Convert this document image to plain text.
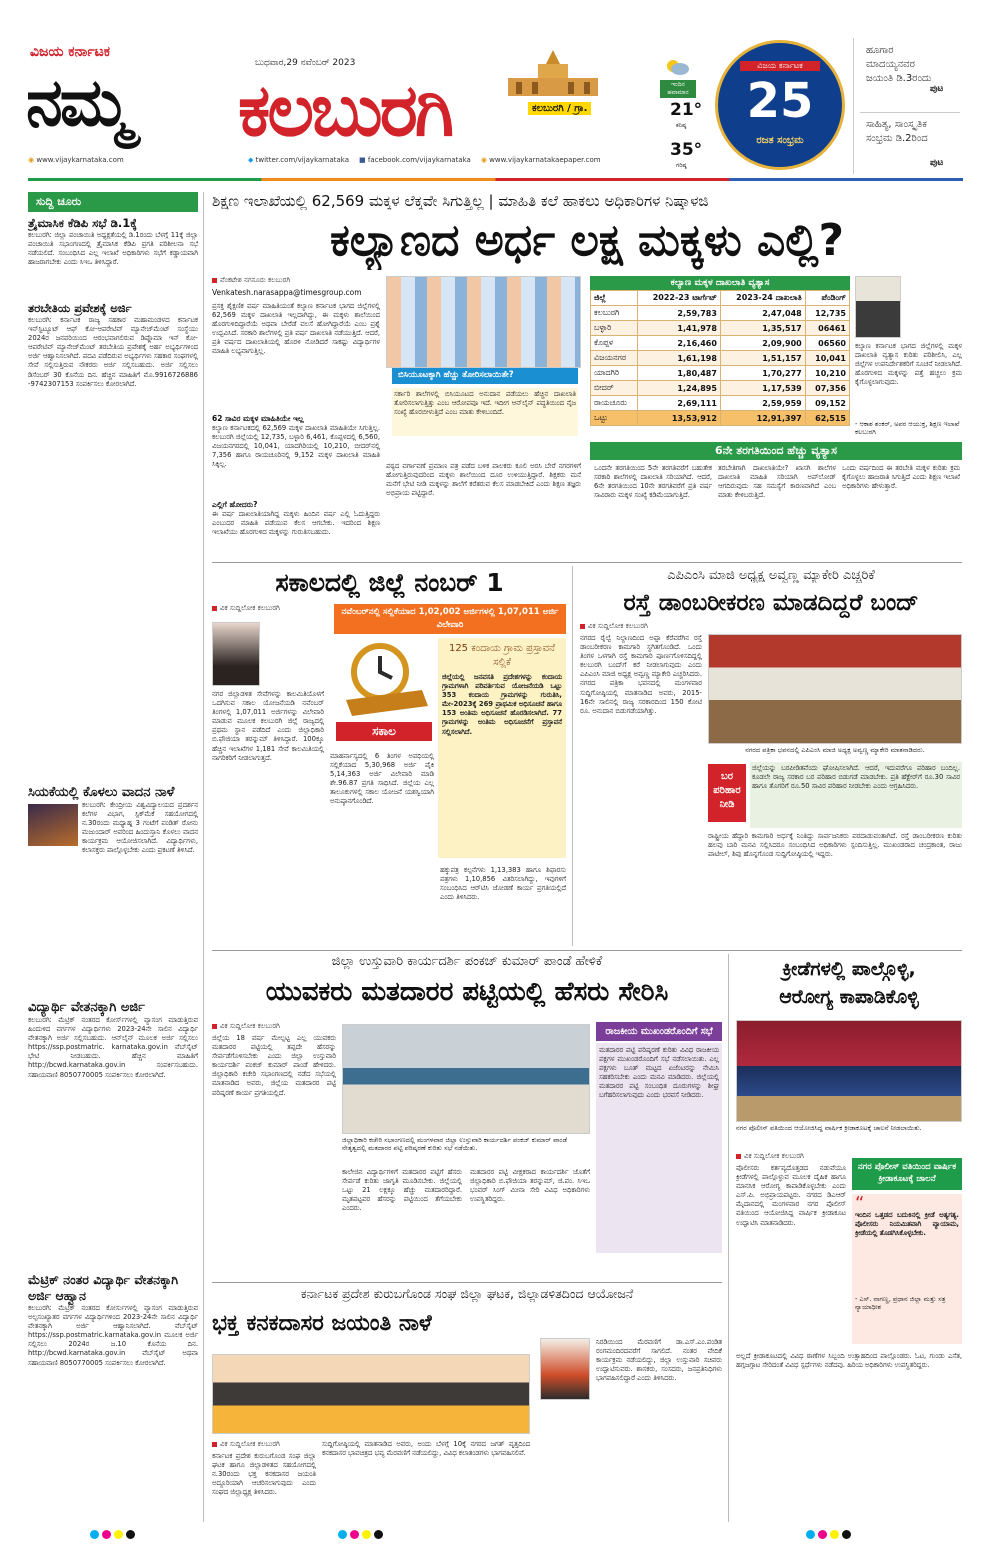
ವಿಜಯ ಕರ್ನಾಟಕ
ನಮ್ಮ
ಬುಧವಾರ,29 ನವೆಂಬರ್ 2023
ಕಲಬುರಗಿ	ಕಲಬುರಗಿ / ಗ್ರಾ.
ಇಂದಿನ ಹವಾಮಾನ
21°
ಕನಿಷ್ಠ
35°
ಗರಿಷ್ಠ
ವಿಜಯ ಕರ್ನಾಟಕ
25
ರಜತ ಸಂಭ್ರಮ
ಹೂಗಾರ ಮಾದಯ್ಯನವರ ಜಯಂತಿ ಡಿ.3ರಂದು
ಪುಟ
ಸಾಹಿತ್ಯ, ಸಾಂಸ್ಕೃತಿಕ ಸಂಭ್ರಮ ಡಿ.2ರಿಂದ
ಪುಟ
◉ www.vijaykarnataka.com	◆ twitter.com/vijaykarnataka ■ facebook.com/vijaykarnataka ◉ www.vijaykarnatakaepaper.com
ಸುದ್ದಿ ಚೂರು
ತ್ರೈಮಾಸಿಕ ಕೆಡಿಪಿ ಸಭೆ ಡಿ.1ಕ್ಕೆ
ಕಲಬುರಗಿ: ಜಿಲ್ಲಾ ಪಂಚಾಯಿತಿ ಅಧ್ಯಕ್ಷತೆಯಲ್ಲಿ ಡಿ.1ರಂದು ಬೆಳಗ್ಗೆ 11ಕ್ಕೆ ಜಿಲ್ಲಾ ಪಂಚಾಯಿತಿ ಸಭಾಂಗಣದಲ್ಲಿ ತ್ರೈಮಾಸಿಕ ಕೆಡಿಪಿ ಪ್ರಗತಿ ಪರಿಶೀಲನಾ ಸಭೆ ನಡೆಯಲಿದೆ. ಸಂಬಂಧಿಸಿದ ಎಲ್ಲ ಇಲಾಖೆ ಅಧಿಕಾರಿಗಳು ಸಭೆಗೆ ಕಡ್ಡಾಯವಾಗಿ ಹಾಜರಾಗಬೇಕು ಎಂದು ಸಿಇಒ ತಿಳಿಸಿದ್ದಾರೆ.
ತರಬೇತಿಯ ಪ್ರವೇಶಕ್ಕೆ ಅರ್ಜಿ
ಕಲಬುರಗಿ: ಕರ್ನಾಟಕ ರಾಜ್ಯ ಸಹಕಾರ ಮಹಾಮಂಡಳದ ಕರ್ನಾಟಕ ಇನ್‌ಸ್ಟಿಟ್ಯೂಟ್ ಆಫ್ ಕೋ-ಆಪರೇಟಿವ್ ಮ್ಯಾನೇಜ್‌ಮೆಂಟ್ ಸಂಸ್ಥೆಯು 2024ರ ಜನವರಿಯಿಂದ ಆರಂಭವಾಗಲಿರುವ ಡಿಪ್ಲೊಮಾ ಇನ್ ಕೋ-ಆಪರೇಟಿವ್ ಮ್ಯಾನೇಜ್‌ಮೆಂಟ್ ತರಬೇತಿಯ ಪ್ರವೇಶಕ್ಕೆ ಅರ್ಹ ಅಭ್ಯರ್ಥಿಗಳಿಂದ ಅರ್ಜಿ ಆಹ್ವಾನಿಸಲಾಗಿದೆ. ಪದವಿ ಪಡೆದಿರುವ ಅಭ್ಯರ್ಥಿಗಳು ಸಹಕಾರ ಸಂಘಗಳಲ್ಲಿ ಸೇವೆ ಸಲ್ಲಿಸುತ್ತಿರುವ ನೌಕರರು ಅರ್ಜಿ ಸಲ್ಲಿಸಬಹುದು. ಅರ್ಜಿ ಸಲ್ಲಿಸಲು ಡಿಸೆಂಬರ್ 30 ಕೊನೆಯ ದಿನ. ಹೆಚ್ಚಿನ ಮಾಹಿತಿಗೆ ಮೊ.9916726886 -9742307153 ಸಂಪರ್ಕಿಸಲು ಕೋರಲಾಗಿದೆ.
ಸಿಯಕೆಯಲ್ಲಿ ಕೊಳಲು ವಾದನ ನಾಳೆ
ಕಲಬುರಗಿ: ಕೇಂದ್ರೀಯ ವಿಶ್ವವಿದ್ಯಾಲಯದ ಪ್ರದರ್ಶನ ಕಲೆಗಳ ವಿಭಾಗ, ಸ್ಪಿಕ್‌ಮೆಕೆ ಸಹಯೋಗದಲ್ಲಿ ನ.30ರಂದು ಮಧ್ಯಾಹ್ನ 3 ಗಂಟೆಗೆ ಪಂಡಿತ್ ರೋನು ಮಜುಂದಾರ್ ಅವರಿಂದ ಹಿಂದುಸ್ತಾನಿ ಕೊಳಲು ವಾದನ ಕಾರ್ಯಕ್ರಮ ಆಯೋಜಿಸಲಾಗಿದೆ. ವಿದ್ಯಾರ್ಥಿಗಳು, ಕಲಾಸಕ್ತರು ಪಾಲ್ಗೊಳ್ಳಬೇಕು ಎಂದು ಪ್ರಕಟಣೆ ತಿಳಿಸಿದೆ.
ವಿದ್ಯಾರ್ಥಿ ವೇತನಕ್ಕಾಗಿ ಅರ್ಜಿ
ಕಲಬುರಗಿ: ಮೆಟ್ರಿಕ್ ನಂತರದ ಕೋರ್ಸ್‌ಗಳಲ್ಲಿ ವ್ಯಾಸಂಗ ಮಾಡುತ್ತಿರುವ ಹಿಂದುಳಿದ ವರ್ಗಗಳ ವಿದ್ಯಾರ್ಥಿಗಳು 2023-24ನೇ ಸಾಲಿನ ವಿದ್ಯಾರ್ಥಿ ವೇತನಕ್ಕಾಗಿ ಅರ್ಜಿ ಸಲ್ಲಿಸಬಹುದು. ಆನ್‌ಲೈನ್ ಮೂಲಕ ಅರ್ಜಿ ಸಲ್ಲಿಸಲು https://ssp.postmatric. karnataka.gov.in ವೆಬ್‌ಸೈಟ್ ಭೇಟಿ ನೀಡಬಹುದು. ಹೆಚ್ಚಿನ ಮಾಹಿತಿಗೆ http://bcwd.karnataka.gov.in ಸಂಪರ್ಕಿಸಬಹುದು. ಸಹಾಯವಾಣಿ 8050770005 ಸಂಪರ್ಕಿಸಲು ಕೋರಲಾಗಿದೆ.
ಮೆಟ್ರಿಕ್ ನಂತರ ವಿದ್ಯಾರ್ಥಿ ವೇತನಕ್ಕಾಗಿ ಅರ್ಜಿ ಆಹ್ವಾನ
ಕಲಬುರಗಿ: ಮೆಟ್ರಿಕ್ ನಂತರದ ಕೋರ್ಸುಗಳಲ್ಲಿ ವ್ಯಾಸಂಗ ಮಾಡುತ್ತಿರುವ ಅಲ್ಪಸಂಖ್ಯಾತರ ವರ್ಗಗಳ ವಿದ್ಯಾರ್ಥಿಗಳಿಂದ 2023-24ನೇ ಸಾಲಿನ ವಿದ್ಯಾರ್ಥಿ ವೇತನಕ್ಕಾಗಿ ಅರ್ಜಿ ಆಹ್ವಾನಿಸಲಾಗಿದೆ. ವೆಬ್‌ಸೈಟ್ https://ssp.postmatric.karnataka.gov.in ಮೂಲಕ ಅರ್ಜಿ ಸಲ್ಲಿಸಲು 2024ರ ಜ.10 ಕೊನೆಯ ದಿನ. http://bcwd.karnataka.gov.in ವೆಬ್‌ಸೈಟ್ ಅಥವಾ ಸಹಾಯವಾಣಿ 8050770005 ಸಂಪರ್ಕಿಸಲು ಕೋರಲಾಗಿದೆ.
ಶಿಕ್ಷಣ ಇಲಾಖೆಯಲ್ಲಿ 62,569 ಮಕ್ಕಳ ಲೆಕ್ಕವೇ ಸಿಗುತ್ತಿಲ್ಲ | ಮಾಹಿತಿ ಕಲೆ ಹಾಕಲು ಅಧಿಕಾರಿಗಳ ನಿಷ್ಕಾಳಜಿ
ಕಲ್ಯಾಣದ ಅರ್ಧ ಲಕ್ಷ ಮಕ್ಕಳು ಎಲ್ಲಿ?
ವೆಂಕಟೇಶ ನಗಸೂರು ಕಲಬುರಗಿ
Venkatesh.narasappa@timesgroup.com
ಪ್ರಸಕ್ತ ಶೈಕ್ಷಣಿಕ ವರ್ಷ ಮಾಹಿತಿಯಂತೆ ಕಲ್ಯಾಣ ಕರ್ನಾಟಕ ಭಾಗದ ಜಿಲ್ಲೆಗಳಲ್ಲಿ 62,569 ಮಕ್ಕಳ ದಾಖಲಾತಿ ಇಲ್ಲದಾಗಿದ್ದು, ಈ ಮಕ್ಕಳು ಶಾಲೆಯಿಂದ ಹೊರಗುಳಿದಿದ್ದಾರೆಯೆ ಅಥವಾ ಬೇರೆಡೆ ವಲಸೆ ಹೋಗಿದ್ದಾರೆಯೆ ಎಂಬ ಪ್ರಶ್ನೆ ಉದ್ಭವಿಸಿದೆ. ಸರಕಾರಿ ಶಾಲೆಗಳಲ್ಲಿ ಪ್ರತಿ ವರ್ಷ ದಾಖಲಾತಿ ನಡೆಯುತ್ತಿದೆ. ಆದರೆ, ಪ್ರತಿ ವರ್ಷದ ದಾಖಲಾತಿಯಲ್ಲಿ ಹೊರಳಿ ನೋಡಿದರೆ ಸಾಕಷ್ಟು ವಿದ್ಯಾರ್ಥಿಗಳ ಮಾಹಿತಿ ಲಭ್ಯವಾಗುತ್ತಿಲ್ಲ.
62 ಸಾವಿರ ಮಕ್ಕಳ ಮಾಹಿತಿಯೇ ಇಲ್ಲ
ಕಲ್ಯಾಣ ಕರ್ನಾಟಕದಲ್ಲಿ 62,569 ಮಕ್ಕಳ ದಾಖಲಾತಿ ಮಾಹಿತಿಯೇ ಸಿಗುತ್ತಿಲ್ಲ. ಕಲಬುರಗಿ ಜಿಲ್ಲೆಯಲ್ಲಿ 12,735, ಬಳ್ಳಾರಿ 6,461, ಕೊಪ್ಪಳದಲ್ಲಿ 6,560, ವಿಜಯನಗರದಲ್ಲಿ 10,041, ಯಾದಗಿರಿಯಲ್ಲಿ 10,210, ಬೀದರ್‌ನಲ್ಲಿ 7,356 ಹಾಗೂ ರಾಯಚೂರಿನಲ್ಲಿ 9,152 ಮಕ್ಕಳ ದಾಖಲಾತಿ ಮಾಹಿತಿ ಸಿಕ್ಕಿಲ್ಲ.
ಎಲ್ಲಿಗೆ ಹೋದರು?
ಈ ವರ್ಷ ದಾಖಲಾತಿಯಾಗಿದ್ದ ಮಕ್ಕಳು ಹಿಂದಿನ ವರ್ಷ ಎಲ್ಲಿ ಓದುತ್ತಿದ್ದರು ಎಂಬುದರ ಮಾಹಿತಿ ಪಡೆಯುವ ಕೆಲಸ ಆಗಬೇಕು. ಇದರಿಂದ ಶಿಕ್ಷಣ ಇಲಾಖೆಯು ಹೊರಗುಳಿದ ಮಕ್ಕಳನ್ನು ಗುರುತಿಸಬಹುದು.
ಬಿಸಿಯೂಟಕ್ಕಾಗಿ ಹೆಚ್ಚು ತೋರಿಸಲಾಯಿತೇ?
ಸರ್ಕಾರಿ ಶಾಲೆಗಳಲ್ಲಿ ಬಿಸಿಯೂಟದ ಅನುದಾನ ಪಡೆಯಲು ಹೆಚ್ಚಿನ ದಾಖಲಾತಿ ತೋರಿಸಲಾಗುತ್ತಿತ್ತು ಎಂಬ ಆರೋಪವೂ ಇದೆ. ಇದೀಗ ಆನ್‌ಲೈನ್ ಪದ್ಧತಿಯಿಂದ ನೈಜ ಸಂಖ್ಯೆ ಹೊರಬೀಳುತ್ತಿದೆ ಎಂಬ ಮಾತು ಕೇಳಿಬಂದಿದೆ.
ಪಠ್ಯದ ವರ್ಗಾವಣೆ ಪ್ರಮಾಣ ಪತ್ರ ಪಡೆದ ಬಳಿಕ ಪಾಲಕರು ಕೂಲಿ ಅರಸಿ ಬೇರೆ ನಗರಗಳಿಗೆ ಹೋಗುತ್ತಿರುವುದರಿಂದ ಮಕ್ಕಳು ಶಾಲೆಯಿಂದ ದೂರ ಉಳಿಯುತ್ತಿದ್ದಾರೆ. ಶಿಕ್ಷಕರು ಮನೆ ಮನೆಗೆ ಭೇಟಿ ನೀಡಿ ಮಕ್ಕಳನ್ನು ಶಾಲೆಗೆ ಕರೆತರುವ ಕೆಲಸ ಮಾಡಬೇಕಿದೆ ಎಂದು ಶಿಕ್ಷಣ ತಜ್ಞರು ಅಭಿಪ್ರಾಯ ಪಟ್ಟಿದ್ದಾರೆ.
ಕಲ್ಯಾಣ ಮಕ್ಕಳ ದಾಖಲಾತಿ ವ್ಯತ್ಯಾಸ
ಜಿಲ್ಲೆ	2022-23 ಟಾರ್ಗೆಟ್	2023-24 ದಾಖಲಾತಿ	ಪೆಂಡಿಂಗ್
ಕಲಬುರಗಿ	2,59,783	2,47,048	12,735
ಬಳ್ಳಾರಿ	1,41,978	1,35,517	06461
ಕೊಪ್ಪಳ	2,16,460	2,09,900	06560
ವಿಜಯನಗರ	1,61,198	1,51,157	10,041
ಯಾದಗಿರಿ	1,80,487	1,70,277	10,210
ಬೀದರ್	1,24,895	1,17,539	07,356
ರಾಯಚೂರು	2,69,111	2,59,959	09,152
ಒಟ್ಟು	13,53,912	12,91,397	62,515
ಕಲ್ಯಾಣ ಕರ್ನಾಟಕ ಭಾಗದ ಜಿಲ್ಲೆಗಳಲ್ಲಿ ಮಕ್ಕಳ ದಾಖಲಾತಿ ವ್ಯತ್ಯಾಸ ಕುರಿತು ಪರಿಶೀಲಿಸಿ, ಎಲ್ಲ ಜಿಲ್ಲೆಗಳ ಉಪನಿರ್ದೇಶಕರಿಗೆ ಸೂಚನೆ ನೀಡಲಾಗಿದೆ. ಹೊರಗುಳಿದ ಮಕ್ಕಳನ್ನು ಪತ್ತೆ ಹಚ್ಚಲು ಕ್ರಮ ಕೈಗೊಳ್ಳಲಾಗುವುದು.
- ಆಕಾಶ ಶಂಕರ್, ಅಪರ ಆಯುಕ್ತ, ಶಿಕ್ಷಣ ಇಲಾಖೆ ಕಲಬುರಗಿ
6ನೇ ತರಗತಿಯಿಂದ ಹೆಚ್ಚು ವ್ಯತ್ಯಾಸ
ಒಂದನೇ ತರಗತಿಯಿಂದ 5ನೇ ತರಗತಿವರೆಗೆ ಬಹುತೇಕ ಸರಕಾರಿ ಶಾಲೆಗಳಲ್ಲಿ ದಾಖಲಾತಿ ಸರಿಯಾಗಿದೆ. ಆದರೆ, 6ನೇ ತರಗತಿಯಿಂದ 10ನೇ ತರಗತಿವರೆಗೆ ಪ್ರತಿ ವರ್ಷ ಸಾವಿರಾರು ಮಕ್ಕಳ ಸಂಖ್ಯೆ ಕಡಿಮೆಯಾಗುತ್ತಿದೆ.
ತರಬೇತಿಗಾಗಿ ದಾಖಲಾತಿಯೇ? ಖಾಸಗಿ ಶಾಲೆಗಳ ದಾಖಲಾತಿ ಮಾಹಿತಿ ಸರಿಯಾಗಿ ಅಪ್‌ಲೋಡ್ ಆಗದಿರುವುದು ಸಹ ಸಮಸ್ಯೆಗೆ ಕಾರಣವಾಗಿದೆ ಎಂಬ ಮಾತು ಕೇಳಿಬರುತ್ತಿದೆ.
ಒಂದು ವರ್ಷದಿಂದ ಈ ತರಬೇತಿ ಮಕ್ಕಳ ಕುರಿತು ಕ್ರಮ ಕೈಗೊಳ್ಳಲು ಹಾಜರಾತಿ ಸಿಗುತ್ತಿದೆ ಎಂದು ಶಿಕ್ಷಣ ಇಲಾಖೆ ಅಧಿಕಾರಿಗಳು ಹೇಳುತ್ತಾರೆ.
ಸಕಾಲದಲ್ಲಿ ಜಿಲ್ಲೆ ನಂಬರ್ 1
ವಿಕ ಸುದ್ದಿಲೋಕ ಕಲಬುರಗಿ	ನವೆಂಬರ್‌ನಲ್ಲಿ ಸಲ್ಲಿಕೆಯಾದ 1,02,002 ಅರ್ಜಿಗಳಲ್ಲಿ 1,07,011 ಅರ್ಜಿ ವಿಲೇವಾರಿ
ನಗರ ಜಿಲ್ಲಾಡಳಿತ ಸೇವೆಗಳನ್ನು ಕಾಲಮಿತಿಯೊಳಗೆ ಒದಗಿಸುವ ಸಕಾಲ ಯೋಜನೆಯಡಿ ನವೆಂಬರ್ ತಿಂಗಳಲ್ಲಿ 1,07,011 ಅರ್ಜಿಗಳನ್ನು ವಿಲೇವಾರಿ ಮಾಡುವ ಮೂಲಕ ಕಲಬುರಗಿ ಜಿಲ್ಲೆ ರಾಜ್ಯದಲ್ಲಿ ಪ್ರಥಮ ಸ್ಥಾನ ಪಡೆದಿದೆ ಎಂದು ಜಿಲ್ಲಾಧಿಕಾರಿ ಬಿ.ಫೌಜಿಯಾ ತರನ್ನುಮ್ ತಿಳಿಸಿದ್ದಾರೆ. 100ಕ್ಕೂ ಹೆಚ್ಚಿನ ಇಲಾಖೆಗಳ 1,181 ಸೇವೆ ಕಾಲಮಿತಿಯಲ್ಲಿ ನಾಗರಿಕರಿಗೆ ನೀಡಲಾಗುತ್ತದೆ.
ಸಕಾಲ
125 ಕಂದಾಯ ಗ್ರಾಮ ಪ್ರಸ್ತಾವನೆ ಸಲ್ಲಿಕೆ
ಜಿಲ್ಲೆಯಲ್ಲಿ ಜನವಸತಿ ಪ್ರದೇಶಗಳನ್ನು ಕಂದಾಯ ಗ್ರಾಮಗಳಾಗಿ ಪರಿವರ್ತಿಸುವ ಯೋಜನೆಯಡಿ ಒಟ್ಟು 353 ಕಂದಾಯ ಗ್ರಾಮಗಳನ್ನು ಗುರುತಿಸಿ, ಮೇ-2023ಕ್ಕೆ 269 ಪ್ರಾಥಮಿಕ ಅಧಿಸೂಚನೆ ಹಾಗೂ 153 ಅಂತಿಮ ಅಧಿಸೂಚನೆ ಹೊರಡಿಸಲಾಗಿದೆ. 77 ಗ್ರಾಮಗಳನ್ನು ಅಂತಿಮ ಅಧಿಸೂಚನೆಗೆ ಪ್ರಸ್ತಾವನೆ ಸಲ್ಲಿಸಲಾಗಿದೆ.
ಮಾಹರ್ನಾಸ್ಯದಲ್ಲಿ 6 ತಿಂಗಳ ಅವಧಿಯಲ್ಲಿ ಸಲ್ಲಿಕೆಯಾದ 5,30,968 ಅರ್ಜಿ ಪೈಕಿ 5,14,363 ಅರ್ಜಿ ವಿಲೇವಾರಿ ಮಾಡಿ ಶೇ.96.87 ಪ್ರಗತಿ ಸಾಧಿಸಿದೆ. ಜಿಲ್ಲೆಯ ಎಲ್ಲ ತಾಲೂಕುಗಳಲ್ಲಿ ಸಕಾಲ ಯೋಜನೆ ಯಶಸ್ವಿಯಾಗಿ ಅನುಷ್ಠಾನಗೊಂಡಿದೆ.
ಹಕ್ಕುಪತ್ರ ಕಲ್ಪನೆಗಳು 1,13,383 ಹಾಗೂ ಶಿಫಾರಸು ಪತ್ರಗಳು 1,10,856 ವಿತರಿಸಲಾಗಿದ್ದು, ಇವುಗಳಿಗೆ ಸಂಬಂಧಿಸಿದ ಆರ್‌ಟಿಸಿ ಜೋಡಣೆ ಕಾರ್ಯ ಪ್ರಗತಿಯಲ್ಲಿದೆ ಎಂದು ತಿಳಿಸಿದರು.
ಎಪಿಎಂಸಿ ಮಾಜಿ ಅಧ್ಯಕ್ಷ ಅವ್ವಣ್ಣ ಮ್ಯಾಕೇರಿ ಎಚ್ಚರಿಕೆ
ರಸ್ತೆ ಡಾಂಬರೀಕರಣ ಮಾಡದಿದ್ದರೆ ಬಂದ್
ವಿಕ ಸುದ್ದಿಲೋಕ ಕಲಬುರಗಿ
ನಗರದ ರೈಲ್ವೆ ನಿಲ್ದಾಣದಿಂದ ಅಪ್ಪಾ ಕೆರೆವರೆಗಿನ ರಸ್ತೆ ಡಾಂಬರೀಕರಣ ಕಾಮಗಾರಿ ಸ್ಥಗಿತಗೊಂಡಿದೆ. ಒಂದು ತಿಂಗಳ ಒಳಗಾಗಿ ರಸ್ತೆ ಕಾಮಗಾರಿ ಪೂರ್ಣಗೊಳಿಸದಿದ್ದಲ್ಲಿ ಕಲಬುರಗಿ ಬಂದ್‌ಗೆ ಕರೆ ನೀಡಲಾಗುವುದು ಎಂದು ಎಪಿಎಂಸಿ ಮಾಜಿ ಅಧ್ಯಕ್ಷ ಅವ್ವಣ್ಣ ಮ್ಯಾಕೇರಿ ಎಚ್ಚರಿಸಿದರು. ನಗರದ ಪತ್ರಿಕಾ ಭವನದಲ್ಲಿ ಮಂಗಳವಾರ ಸುದ್ದಿಗೋಷ್ಠಿಯಲ್ಲಿ ಮಾತನಾಡಿದ ಅವರು, 2015-16ನೇ ಸಾಲಿನಲ್ಲಿ ರಾಜ್ಯ ಸರಕಾರದಿಂದ 150 ಕೋಟಿ ರೂ. ಅನುದಾನ ಬಿಡುಗಡೆಯಾಗಿತ್ತು.
ನಗರದ ಪತ್ರಿಕಾ ಭವನದಲ್ಲಿ ಎಪಿಎಂಸಿ ಮಾಜಿ ಅಧ್ಯಕ್ಷ ಅವ್ವಣ್ಣ ಮ್ಯಾಕೇರಿ ಮಾತನಾಡಿದರು.
ಬರ ಪರಿಹಾರ ನೀಡಿ
ಜಿಲ್ಲೆಯನ್ನು ಬರಪೀಡಿತವೆಂದು ಘೋಷಿಸಲಾಗಿದೆ. ಆದರೆ, ಇದುವರೆಗೂ ಪರಿಹಾರ ಬಂದಿಲ್ಲ. ಕೂಡಲೇ ರಾಜ್ಯ ಸರಕಾರ ಬರ ಪರಿಹಾರ ಬಿಡುಗಡೆ ಮಾಡಬೇಕು. ಪ್ರತಿ ಹೆಕ್ಟೇರ್‌ಗೆ ರೂ.30 ಸಾವಿರ ಹಾಗೂ ತೊಗರಿಗೆ ರೂ.50 ಸಾವಿರ ಪರಿಹಾರ ನೀಡಬೇಕು ಎಂದು ಆಗ್ರಹಿಸಿದರು.
ರಾಷ್ಟ್ರೀಯ ಹೆದ್ದಾರಿ ಕಾಮಗಾರಿ ಅರ್ಧಕ್ಕೆ ನಿಂತಿದ್ದು ಸಾರ್ವಜನಿಕರು ಪರದಾಡುವಂತಾಗಿದೆ. ರಸ್ತೆ ಡಾಂಬರೀಕರಣ ಕುರಿತು ಹಲವು ಬಾರಿ ಮನವಿ ಸಲ್ಲಿಸಿದರೂ ಸಂಬಂಧಿಸಿದ ಅಧಿಕಾರಿಗಳು ಸ್ಪಂದಿಸುತ್ತಿಲ್ಲ. ಮುಖಂಡರಾದ ಚಂದ್ರಕಾಂತ, ರಾಜು ಪಾಟೀಲ್, ಶಿವು ಹೊನ್ನಗೊಂಡ ಸುದ್ದಿಗೋಷ್ಠಿಯಲ್ಲಿ ಇದ್ದರು.
ಜಿಲ್ಲಾ ಉಸ್ತುವಾರಿ ಕಾರ್ಯದರ್ಶಿ ಪಂಕಜ್ ಕುಮಾರ್ ಪಾಂಡೆ ಹೇಳಿಕೆ
ಯುವಕರು ಮತದಾರರ ಪಟ್ಟಿಯಲ್ಲಿ ಹೆಸರು ಸೇರಿಸಿ
ವಿಕ ಸುದ್ದಿಲೋಕ ಕಲಬುರಗಿ
ಜಿಲ್ಲೆಯ 18 ವರ್ಷ ಮೇಲ್ಪಟ್ಟ ಎಲ್ಲ ಯುವಕರು ಮತದಾರರ ಪಟ್ಟಿಯಲ್ಲಿ ತಪ್ಪದೇ ಹೆಸರನ್ನು ಸೇರ್ಪಡೆಗೊಳಿಸಬೇಕು ಎಂದು ಜಿಲ್ಲಾ ಉಸ್ತುವಾರಿ ಕಾರ್ಯದರ್ಶಿ ಪಂಕಜ್ ಕುಮಾರ್ ಪಾಂಡೆ ಹೇಳಿದರು. ಜಿಲ್ಲಾಧಿಕಾರಿ ಕಚೇರಿ ಸಭಾಂಗಣದಲ್ಲಿ ನಡೆದ ಸಭೆಯಲ್ಲಿ ಮಾತನಾಡಿದ ಅವರು, ಜಿಲ್ಲೆಯ ಮತದಾರರ ಪಟ್ಟಿ ಪರಿಷ್ಕರಣೆ ಕಾರ್ಯ ಪ್ರಗತಿಯಲ್ಲಿದೆ.
ಜಿಲ್ಲಾಧಿಕಾರಿ ಕಚೇರಿ ಸಭಾಂಗಣದಲ್ಲಿ ಮಂಗಳವಾರ ಜಿಲ್ಲಾ ಉಸ್ತುವಾರಿ ಕಾರ್ಯದರ್ಶಿ ಪಂಕಜ್ ಕುಮಾರ್ ಪಾಂಡೆ ನೇತೃತ್ವದಲ್ಲಿ ಮತದಾರರ ಪಟ್ಟಿ ಪರಿಷ್ಕರಣೆ ಕುರಿತು ಸಭೆ ನಡೆಯಿತು.
ಕಾಲೇಜಿನ ವಿದ್ಯಾರ್ಥಿಗಳಿಗೆ ಮತದಾರರ ಪಟ್ಟಿಗೆ ಹೆಸರು ಸೇರ್ಪಡೆ ಕುರಿತು ಜಾಗೃತಿ ಮೂಡಿಸಬೇಕು. ಜಿಲ್ಲೆಯಲ್ಲಿ ಒಟ್ಟು 21 ಲಕ್ಷಕ್ಕೂ ಹೆಚ್ಚು ಮತದಾರರಿದ್ದಾರೆ. ಮೃತಪಟ್ಟವರ ಹೆಸರನ್ನು ಪಟ್ಟಿಯಿಂದ ತೆಗೆಯಬೇಕು ಎಂದರು.
ಮತದಾರರ ಪಟ್ಟಿ ವೀಕ್ಷಕರಾದ ಕಾರ್ಯದರ್ಶಿ ಜೊತೆಗೆ ಜಿಲ್ಲಾಧಿಕಾರಿ ಬಿ.ಫೌಜಿಯಾ ತರನ್ನುಮ್, ಜಿ.ಪಂ. ಸಿಇಒ ಭಂವರ್ ಸಿಂಗ್ ಮೀನಾ ಸೇರಿ ವಿವಿಧ ಅಧಿಕಾರಿಗಳು ಉಪಸ್ಥಿತರಿದ್ದರು.
ರಾಜಕೀಯ ಮುಖಂಡರೊಂದಿಗೆ ಸಭೆ
ಮತದಾರರ ಪಟ್ಟಿ ಪರಿಷ್ಕರಣೆ ಕುರಿತು ವಿವಿಧ ರಾಜಕೀಯ ಪಕ್ಷಗಳ ಮುಖಂಡರೊಂದಿಗೆ ಸಭೆ ನಡೆಸಲಾಯಿತು. ಎಲ್ಲ ಪಕ್ಷಗಳು ಬೂತ್ ಮಟ್ಟದ ಏಜೆಂಟರನ್ನು ನೇಮಿಸಿ ಸಹಕರಿಸಬೇಕು ಎಂದು ಮನವಿ ಮಾಡಿದರು. ಜಿಲ್ಲೆಯಲ್ಲಿ ಮತದಾರರ ಪಟ್ಟಿ ಸಂಬಂಧಿತ ದೂರುಗಳನ್ನು ಶೀಘ್ರ ಬಗೆಹರಿಸಲಾಗುವುದು ಎಂದು ಭರವಸೆ ನೀಡಿದರು.
ಕ್ರೀಡೆಗಳಲ್ಲಿ ಪಾಲ್ಗೊಳ್ಳಿ,
ಆರೋಗ್ಯ ಕಾಪಾಡಿಕೊಳ್ಳಿ
ನಗರ ಪೊಲೀಸ್ ವತಿಯಿಂದ ಆಯೋಜಿಸಿದ್ದ ವಾರ್ಷಿಕ ಕ್ರೀಡಾಕೂಟಕ್ಕೆ ಚಾಲನೆ ನೀಡಲಾಯಿತು.
ವಿಕ ಸುದ್ದಿಲೋಕ ಕಲಬುರಗಿ
ಪೊಲೀಸರು ಕರ್ತವ್ಯದೊತ್ತಡದ ನಡುವೆಯೂ ಕ್ರೀಡೆಗಳಲ್ಲಿ ಪಾಲ್ಗೊಳ್ಳುವ ಮೂಲಕ ದೈಹಿಕ ಹಾಗೂ ಮಾನಸಿಕ ಆರೋಗ್ಯ ಕಾಪಾಡಿಕೊಳ್ಳಬೇಕು ಎಂದು ಎಸ್.ಪಿ. ಅಭಿಪ್ರಾಯಪಟ್ಟರು. ನಗರದ ಡಿಎಆರ್ ಮೈದಾನದಲ್ಲಿ ಮಂಗಳವಾರ ನಗರ ಪೊಲೀಸ್ ವತಿಯಿಂದ ಆಯೋಜಿಸಿದ್ದ ವಾರ್ಷಿಕ ಕ್ರೀಡಾಕೂಟ ಉದ್ಘಾಟಿಸಿ ಮಾತನಾಡಿದರು.
ನಗರ ಪೊಲೀಸ್ ವತಿಯಿಂದ ವಾರ್ಷಿಕ ಕ್ರೀಡಾಕೂಟಕ್ಕೆ ಚಾಲನೆ
“
ಇಂದಿನ ಒತ್ತಡದ ಬದುಕಿನಲ್ಲಿ ಕ್ರೀಡೆ ಅತ್ಯಗತ್ಯ. ಪೊಲೀಸರು ನಿಯಮಿತವಾಗಿ ವ್ಯಾಯಾಮ, ಕ್ರೀಡೆಯಲ್ಲಿ ತೊಡಗಿಸಿಕೊಳ್ಳಬೇಕು.
- ಎಸ್. ನಾಗಣ್ಣ, ಪ್ರಧಾನ ಜಿಲ್ಲಾ ಮತ್ತು ಸತ್ರ ನ್ಯಾಯಾಧೀಶ
ಅಲ್ಲದೆ ಕ್ರೀಡಾಕೂಟದಲ್ಲಿ ವಿವಿಧ ಠಾಣೆಗಳ ಸಿಬ್ಬಂದಿ ಉತ್ಸಾಹದಿಂದ ಪಾಲ್ಗೊಂಡರು. ಓಟ, ಗುಂಡು ಎಸೆತ, ಹಗ್ಗಜಗ್ಗಾಟ ಸೇರಿದಂತೆ ವಿವಿಧ ಸ್ಪರ್ಧೆಗಳು ನಡೆದವು. ಹಿರಿಯ ಅಧಿಕಾರಿಗಳು ಉಪಸ್ಥಿತರಿದ್ದರು.
ಕರ್ನಾಟಕ ಪ್ರದೇಶ ಕುರುಬಗೊಂಡ ಸಂಘ ಜಿಲ್ಲಾ ಘಟಕ, ಜಿಲ್ಲಾಡಳಿತದಿಂದ ಆಯೋಜನೆ
ಭಕ್ತ ಕನಕದಾಸರ ಜಯಂತಿ ನಾಳೆ
ವಿಕ ಸುದ್ದಿಲೋಕ ಕಲಬುರಗಿ
ಕರ್ನಾಟಕ ಪ್ರದೇಶ ಕುರುಬಗೊಂಡ ಸಂಘ ಜಿಲ್ಲಾ ಘಟಕ ಹಾಗೂ ಜಿಲ್ಲಾಡಳಿತದ ಸಹಯೋಗದಲ್ಲಿ ನ.30ರಂದು ಭಕ್ತ ಕನಕದಾಸರ ಜಯಂತಿ ಅದ್ದೂರಿಯಾಗಿ ಆಚರಿಸಲಾಗುವುದು ಎಂದು ಸಂಘದ ಜಿಲ್ಲಾಧ್ಯಕ್ಷ ತಿಳಿಸಿದರು.
ಸುದ್ದಿಗೋಷ್ಠಿಯಲ್ಲಿ ಮಾತನಾಡಿದ ಅವರು, ಅಂದು ಬೆಳಗ್ಗೆ 10ಕ್ಕೆ ನಗರದ ಜಗತ್ ವೃತ್ತದಿಂದ ಕನಕದಾಸರ ಭಾವಚಿತ್ರದ ಭವ್ಯ ಮೆರವಣಿಗೆ ನಡೆಯಲಿದ್ದು, ವಿವಿಧ ಕಲಾತಂಡಗಳು ಭಾಗವಹಿಸಲಿವೆ.
ನಿರಡಿಯಿಂದ ಮೆರವಣಿಗೆ ಡಾ.ಎಸ್.ಎಂ.ಪಂಡಿತ ರಂಗಮಂದಿರದವರೆಗೆ ಸಾಗಲಿದೆ. ನಂತರ ವೇದಿಕೆ ಕಾರ್ಯಕ್ರಮ ನಡೆಯಲಿದ್ದು, ಜಿಲ್ಲಾ ಉಸ್ತುವಾರಿ ಸಚಿವರು ಉದ್ಘಾಟಿಸುವರು. ಶಾಸಕರು, ಸಂಸದರು, ಜನಪ್ರತಿನಿಧಿಗಳು ಭಾಗವಹಿಸಲಿದ್ದಾರೆ ಎಂದು ತಿಳಿಸಿದರು.
